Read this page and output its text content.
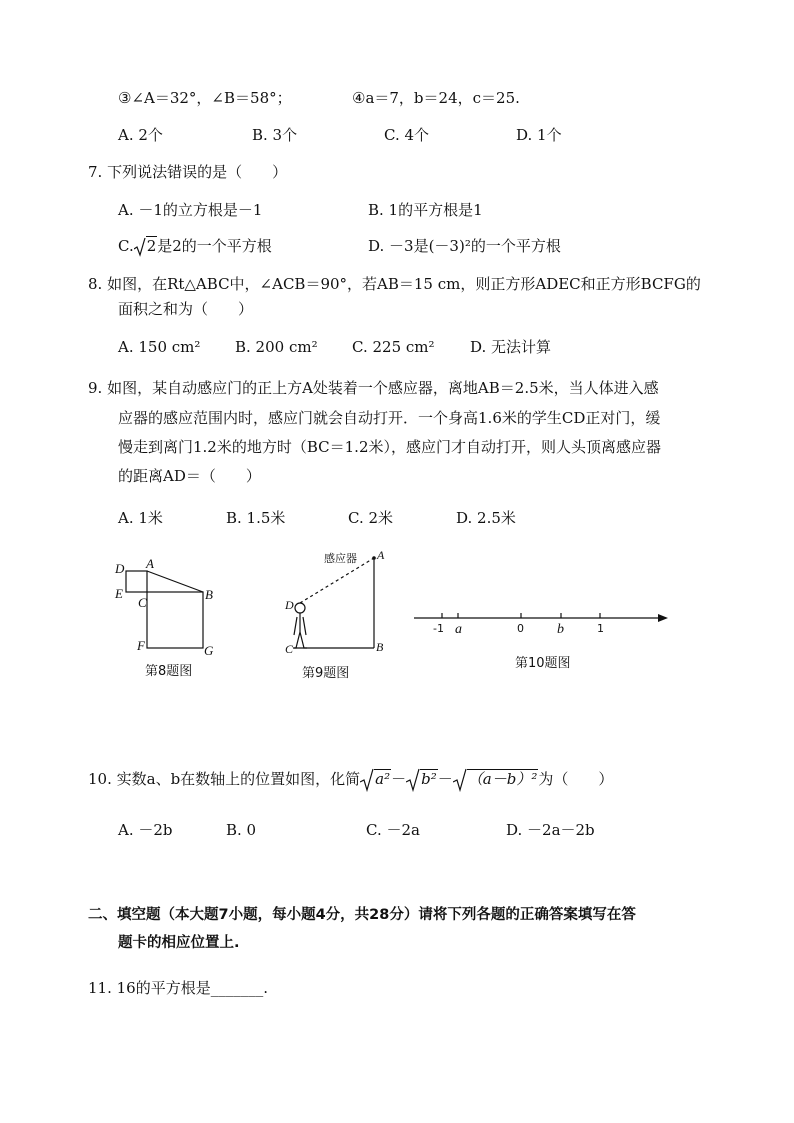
③∠A＝32°，∠B＝58°；	④a＝7，b＝24，c＝25.
A. 2个	B. 3个	C. 4个	D. 1个
7. 下列说法错误的是（　　）
A. －1的立方根是－1	B. 1的平方根是1
C. 2是2的一个平方根	D. －3是(－3)²的一个平方根
8. 如图，在Rt△ABC中，∠ACB＝90°，若AB＝15 cm，则正方形ADEC和正方形BCFG的
面积之和为（　　）
A. 150 cm² B. 200 cm² C. 225 cm² D. 无法计算
9. 如图，某自动感应门的正上方A处装着一个感应器，离地AB＝2.5米，当人体进入感
应器的感应范围内时，感应门就会自动打开．一个身高1.6米的学生CD正对门，缓
慢走到离门1.2米的地方时（BC＝1.2米），感应门才自动打开，则人头顶离感应器
的距离AD＝（　　）
A. 1米	B. 1.5米	C. 2米	D. 2.5米
D A
E
C
B
F	G
第8题图
感应器 A
D
C	B
第9题图
-1	0	1
a	b
第10题图
10. 实数a、b在数轴上的位置如图，化简 a²－ b²－ （a－b）²为（　　）
A. －2b	B. 0	C. －2a	D. －2a－2b
二、填空题（本大题7小题，每小题4分，共28分）请将下列各题的正确答案填写在答
题卡的相应位置上.
11. 16的平方根是_______.
